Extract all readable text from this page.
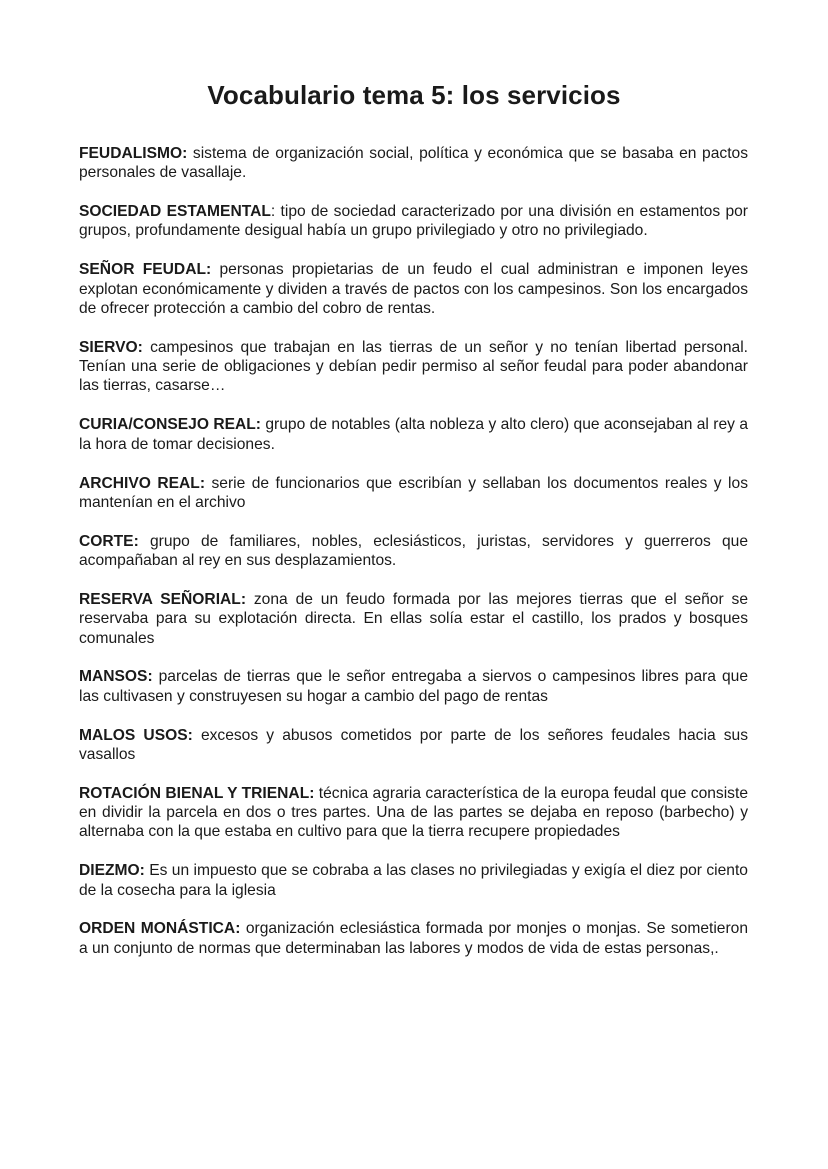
Vocabulario tema 5: los servicios

FEUDALISMO: sistema de organización social, política y económica que se basaba en pactos personales de vasallaje.

SOCIEDAD ESTAMENTAL: tipo de sociedad caracterizado por una división en estamentos por grupos, profundamente desigual había un grupo privilegiado y otro no privilegiado.

SEÑOR FEUDAL: personas propietarias de un feudo el cual administran e imponen leyes explotan económicamente y dividen a través de pactos con los campesinos. Son los encargados de ofrecer protección a cambio del cobro de rentas.

SIERVO: campesinos que trabajan en las tierras de un señor y no tenían libertad personal. Tenían una serie de obligaciones y debían pedir permiso al señor feudal para poder abandonar las tierras, casarse…

CURIA/CONSEJO REAL: grupo de notables (alta nobleza y alto clero) que aconsejaban al rey a la hora de tomar decisiones.

ARCHIVO REAL: serie de funcionarios que escribían y sellaban los documentos reales y los mantenían en el archivo

CORTE: grupo de familiares, nobles, eclesiásticos, juristas, servidores y guerreros que acompañaban al rey en sus desplazamientos.

RESERVA SEÑORIAL: zona de un feudo formada por las mejores tierras que el señor se reservaba para su explotación directa. En ellas solía estar el castillo, los prados y bosques comunales

MANSOS: parcelas de tierras que le señor entregaba a siervos o campesinos libres para que las cultivasen y construyesen su hogar a cambio del pago de rentas

MALOS USOS: excesos y abusos cometidos por parte de los señores feudales hacia sus vasallos

ROTACIÓN BIENAL Y TRIENAL: técnica agraria característica de la europa feudal que consiste en dividir la parcela en dos o tres partes. Una de las partes se dejaba en reposo (barbecho) y alternaba con la que estaba en cultivo para que la tierra recupere propiedades

DIEZMO: Es un impuesto que se cobraba a las clases no privilegiadas y exigía el diez por ciento de la cosecha para la iglesia

ORDEN MONÁSTICA: organización eclesiástica formada por monjes o monjas. Se sometieron a un conjunto de normas que determinaban las labores y modos de vida de estas personas,.
